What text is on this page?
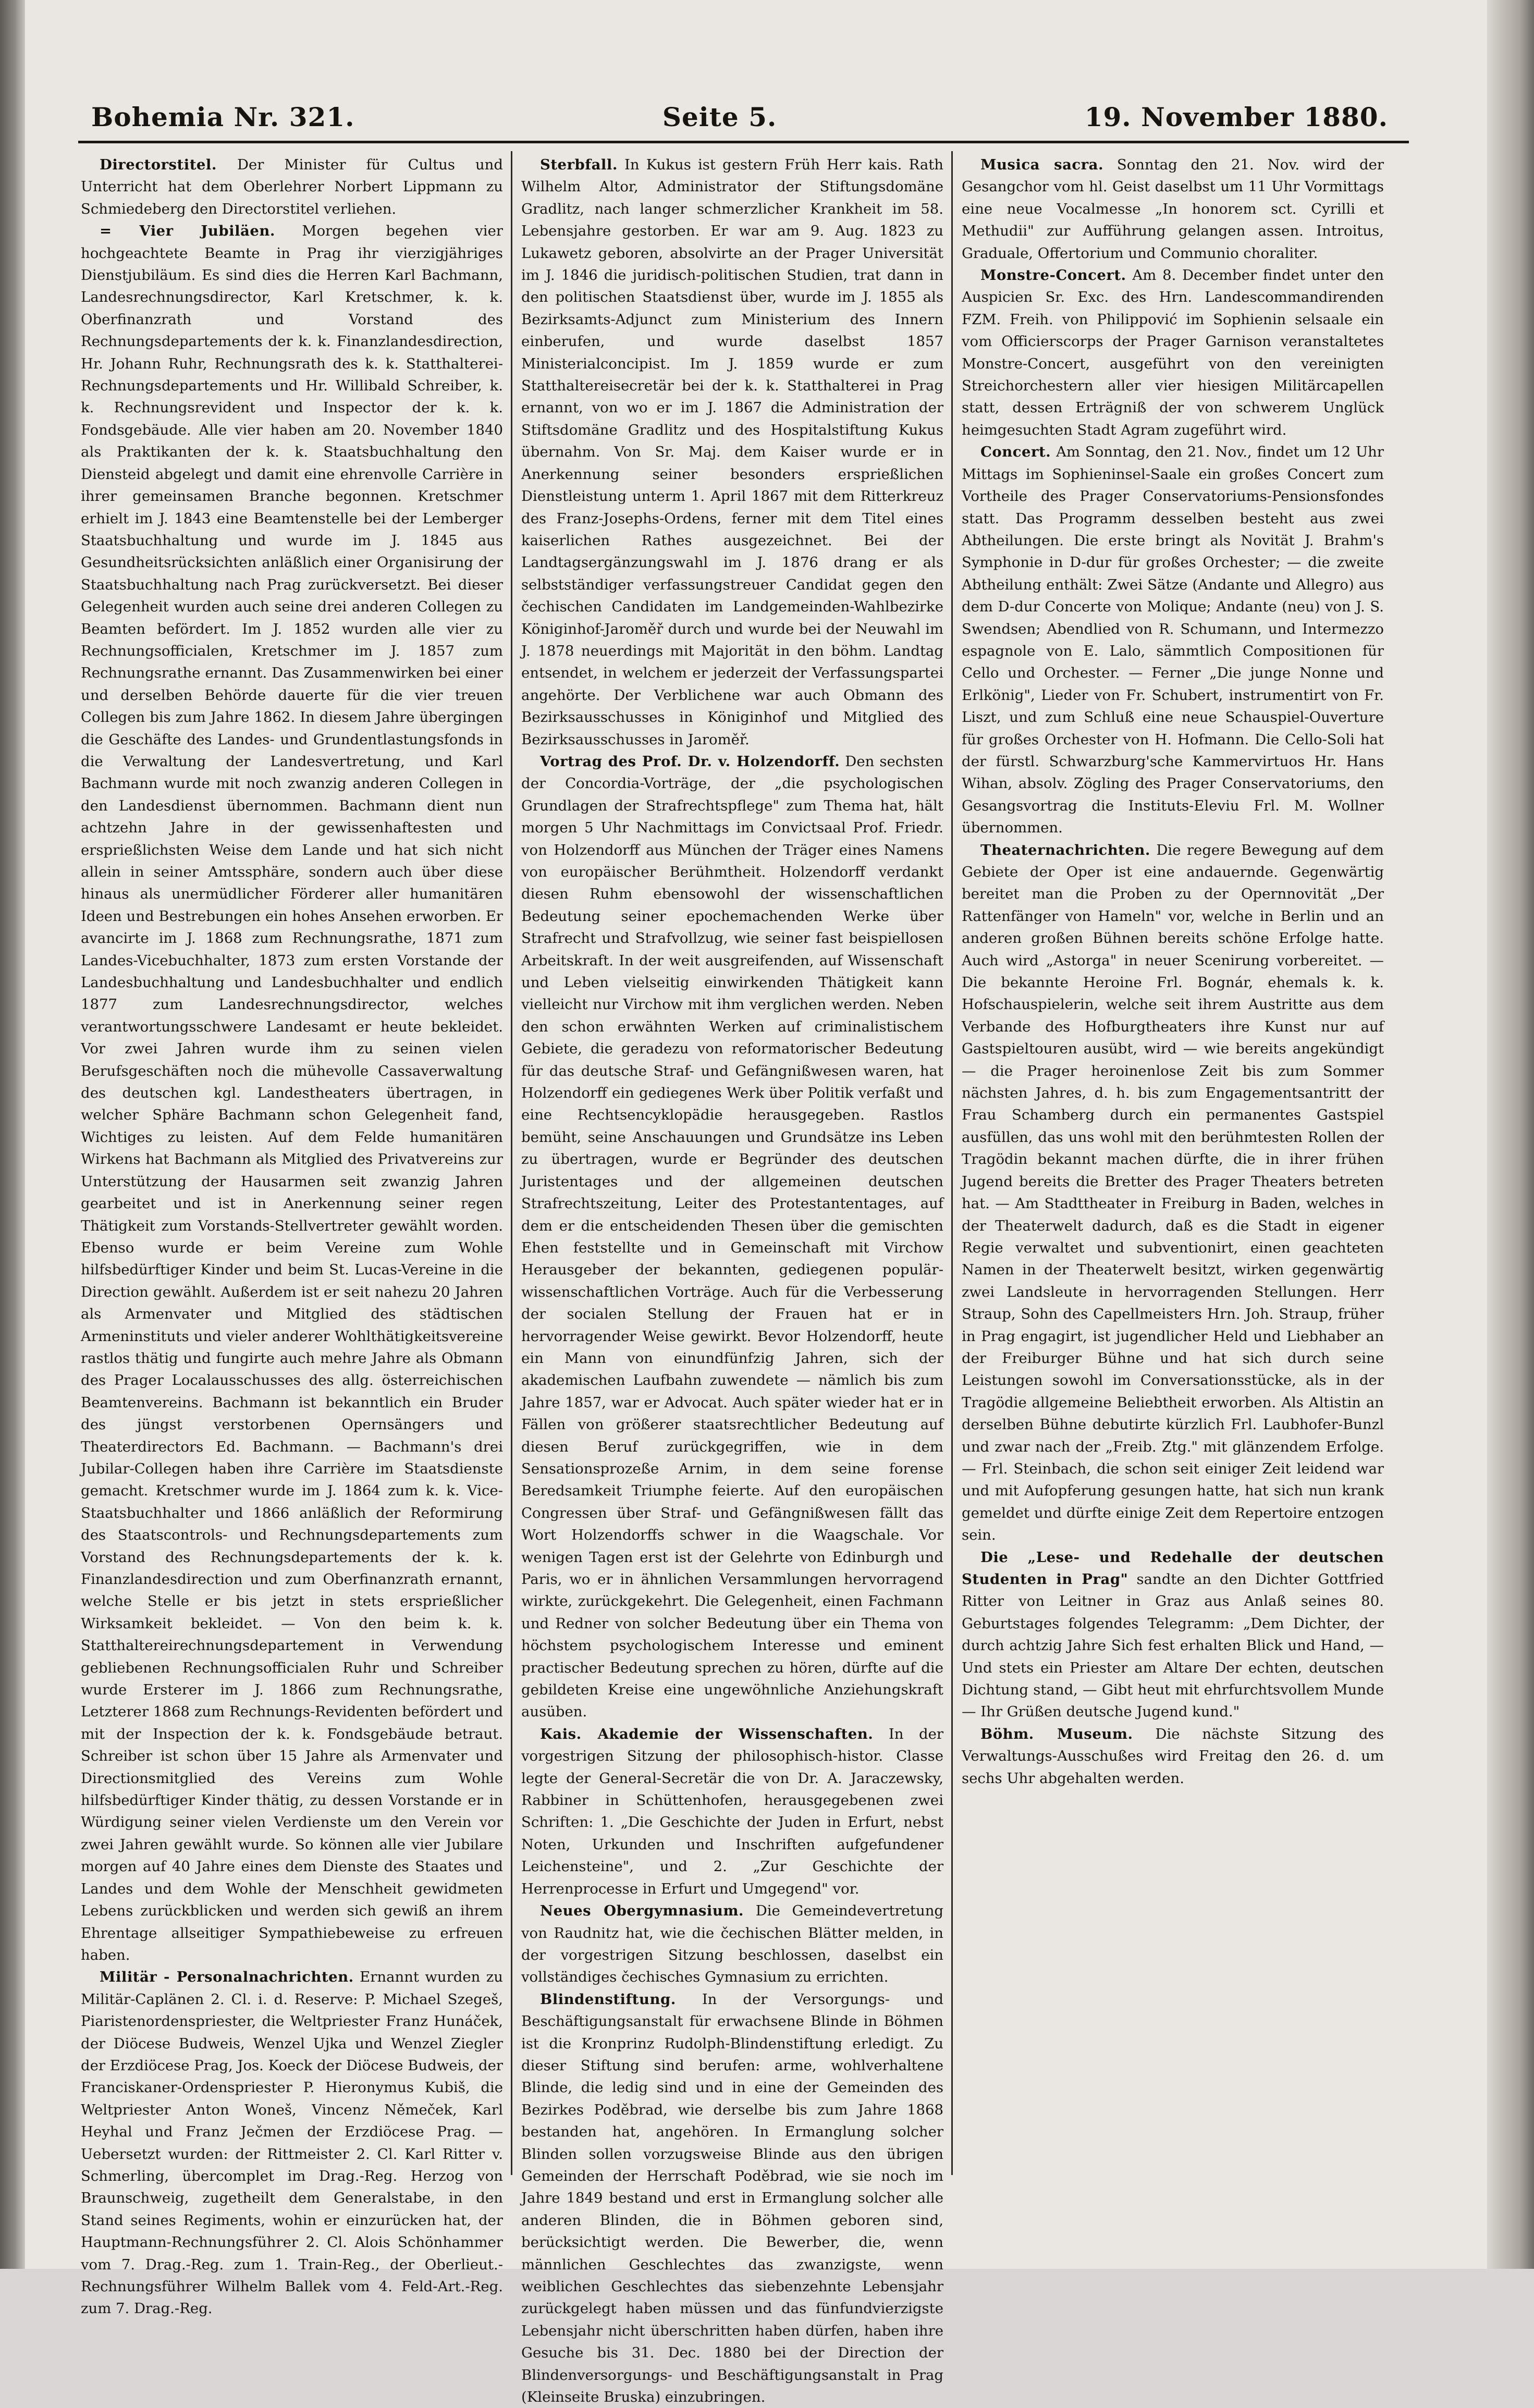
Bohemia Nr. 321.	Seite 5.	19. November 1880.

Directorstitel. Der Minister für Cultus und Unterricht hat dem Oberlehrer Norbert Lippmann zu Schmiedeberg den Directorstitel verliehen.

= Vier Jubiläen. Morgen begehen vier hochgeachtete Beamte in Prag ihr vierzigjähriges Dienstjubiläum. Es sind dies die Herren Karl Bachmann, Landesrechnungsdirector, Karl Kretschmer, k. k. Oberfinanzrath und Vorstand des Rechnungsdepartements der k. k. Finanzlandesdirection, Hr. Johann Ruhr, Rechnungsrath des k. k. Statthalterei-Rechnungsdepartements und Hr. Willibald Schreiber, k. k. Rechnungsrevident und Inspector der k. k. Fondsgebäude. Alle vier haben am 20. November 1840 als Praktikanten der k. k. Staatsbuchhaltung den Diensteid abgelegt und damit eine ehrenvolle Carrière in ihrer gemeinsamen Branche begonnen. Kretschmer erhielt im J. 1843 eine Beamtenstelle bei der Lemberger Staatsbuchhaltung und wurde im J. 1845 aus Gesundheitsrücksichten anläßlich einer Organisirung der Staatsbuchhaltung nach Prag zurückversetzt. Bei dieser Gelegenheit wurden auch seine drei anderen Collegen zu Beamten befördert. Im J. 1852 wurden alle vier zu Rechnungsofficialen, Kretschmer im J. 1857 zum Rechnungsrathe ernannt. Das Zusammenwirken bei einer und derselben Behörde dauerte für die vier treuen Collegen bis zum Jahre 1862. In diesem Jahre übergingen die Geschäfte des Landes- und Grundentlastungsfonds in die Verwaltung der Landesvertretung, und Karl Bachmann wurde mit noch zwanzig anderen Collegen in den Landesdienst übernommen. Bachmann dient nun achtzehn Jahre in der gewissenhaftesten und ersprießlichsten Weise dem Lande und hat sich nicht allein in seiner Amtssphäre, sondern auch über diese hinaus als unermüdlicher Förderer aller humanitären Ideen und Bestrebungen ein hohes Ansehen erworben. Er avancirte im J. 1868 zum Rechnungsrathe, 1871 zum Landes-Vicebuchhalter, 1873 zum ersten Vorstande der Landesbuchhaltung und Landesbuchhalter und endlich 1877 zum Landesrechnungsdirector, welches verantwortungsschwere Landesamt er heute bekleidet. Vor zwei Jahren wurde ihm zu seinen vielen Berufsgeschäften noch die mühevolle Cassaverwaltung des deutschen kgl. Landestheaters übertragen, in welcher Sphäre Bachmann schon Gelegenheit fand, Wichtiges zu leisten. Auf dem Felde humanitären Wirkens hat Bachmann als Mitglied des Privatvereins zur Unterstützung der Hausarmen seit zwanzig Jahren gearbeitet und ist in Anerkennung seiner regen Thätigkeit zum Vorstands-Stellvertreter gewählt worden. Ebenso wurde er beim Vereine zum Wohle hilfsbedürftiger Kinder und beim St. Lucas-Vereine in die Direction gewählt. Außerdem ist er seit nahezu 20 Jahren als Armenvater und Mitglied des städtischen Armeninstituts und vieler anderer Wohlthätigkeitsvereine rastlos thätig und fungirte auch mehre Jahre als Obmann des Prager Localausschusses des allg. österreichischen Beamtenvereins. Bachmann ist bekanntlich ein Bruder des jüngst verstorbenen Opernsängers und Theaterdirectors Ed. Bachmann. — Bachmann's drei Jubilar-Collegen haben ihre Carrière im Staatsdienste gemacht. Kretschmer wurde im J. 1864 zum k. k. Vice-Staatsbuchhalter und 1866 anläßlich der Reformirung des Staatscontrols- und Rechnungsdepartements zum Vorstand des Rechnungsdepartements der k. k. Finanzlandesdirection und zum Oberfinanzrath ernannt, welche Stelle er bis jetzt in stets ersprießlicher Wirksamkeit bekleidet. — Von den beim k. k. Statthaltereirechnungsdepartement in Verwendung gebliebenen Rechnungsofficialen Ruhr und Schreiber wurde Ersterer im J. 1866 zum Rechnungsrathe, Letzterer 1868 zum Rechnungs-Revidenten befördert und mit der Inspection der k. k. Fondsgebäude betraut. Schreiber ist schon über 15 Jahre als Armenvater und Directionsmitglied des Vereins zum Wohle hilfsbedürftiger Kinder thätig, zu dessen Vorstande er in Würdigung seiner vielen Verdienste um den Verein vor zwei Jahren gewählt wurde. So können alle vier Jubilare morgen auf 40 Jahre eines dem Dienste des Staates und Landes und dem Wohle der Menschheit gewidmeten Lebens zurückblicken und werden sich gewiß an ihrem Ehrentage allseitiger Sympathiebeweise zu erfreuen haben.

Militär - Personalnachrichten. Ernannt wurden zu Militär-Caplänen 2. Cl. i. d. Reserve: P. Michael Szegeš, Piaristenordenspriester, die Weltpriester Franz Hunáček, der Diöcese Budweis, Wenzel Ujka und Wenzel Ziegler der Erzdiöcese Prag, Jos. Koeck der Diöcese Budweis, der Franciskaner-Ordenspriester P. Hieronymus Kubiš, die Weltpriester Anton Woneš, Vincenz Němeček, Karl Heyhal und Franz Ječmen der Erzdiöcese Prag. — Uebersetzt wurden: der Rittmeister 2. Cl. Karl Ritter v. Schmerling, übercomplet im Drag.-Reg. Herzog von Braunschweig, zugetheilt dem Generalstabe, in den Stand seines Regiments, wohin er einzurücken hat, der Hauptmann-Rechnungsführer 2. Cl. Alois Schönhammer vom 7. Drag.-Reg. zum 1. Train-Reg., der Oberlieut.-Rechnungsführer Wilhelm Ballek vom 4. Feld-Art.-Reg. zum 7. Drag.-Reg.

Sterbfall. In Kukus ist gestern Früh Herr kais. Rath Wilhelm Altor, Administrator der Stiftungsdomäne Gradlitz, nach langer schmerzlicher Krankheit im 58. Lebensjahre gestorben. Er war am 9. Aug. 1823 zu Lukawetz geboren, absolvirte an der Prager Universität im J. 1846 die juridisch-politischen Studien, trat dann in den politischen Staatsdienst über, wurde im J. 1855 als Bezirksamts-Adjunct zum Ministerium des Innern einberufen, und wurde daselbst 1857 Ministerialconcipist. Im J. 1859 wurde er zum Statthaltereisecretär bei der k. k. Statthalterei in Prag ernannt, von wo er im J. 1867 die Administration der Stiftsdomäne Gradlitz und des Hospitalstiftung Kukus übernahm. Von Sr. Maj. dem Kaiser wurde er in Anerkennung seiner besonders ersprießlichen Dienstleistung unterm 1. April 1867 mit dem Ritterkreuz des Franz-Josephs-Ordens, ferner mit dem Titel eines kaiserlichen Rathes ausgezeichnet. Bei der Landtagsergänzungswahl im J. 1876 drang er als selbstständiger verfassungstreuer Candidat gegen den čechischen Candidaten im Landgemeinden-Wahlbezirke Königinhof-Jaroměř durch und wurde bei der Neuwahl im J. 1878 neuerdings mit Majorität in den böhm. Landtag entsendet, in welchem er jederzeit der Verfassungspartei angehörte. Der Verblichene war auch Obmann des Bezirksausschusses in Königinhof und Mitglied des Bezirksausschusses in Jaroměř.

Vortrag des Prof. Dr. v. Holzendorff. Den sechsten der Concordia-Vorträge, der „die psychologischen Grundlagen der Strafrechtspflege" zum Thema hat, hält morgen 5 Uhr Nachmittags im Convictsaal Prof. Friedr. von Holzendorff aus München der Träger eines Namens von europäischer Berühmtheit. Holzendorff verdankt diesen Ruhm ebensowohl der wissenschaftlichen Bedeutung seiner epochemachenden Werke über Strafrecht und Strafvollzug, wie seiner fast beispiellosen Arbeitskraft. In der weit ausgreifenden, auf Wissenschaft und Leben vielseitig einwirkenden Thätigkeit kann vielleicht nur Virchow mit ihm verglichen werden. Neben den schon erwähnten Werken auf criminalistischem Gebiete, die geradezu von reformatorischer Bedeutung für das deutsche Straf- und Gefängnißwesen waren, hat Holzendorff ein gediegenes Werk über Politik verfaßt und eine Rechtsencyklopädie herausgegeben. Rastlos bemüht, seine Anschauungen und Grundsätze ins Leben zu übertragen, wurde er Begründer des deutschen Juristentages und der allgemeinen deutschen Strafrechtszeitung, Leiter des Protestantentages, auf dem er die entscheidenden Thesen über die gemischten Ehen feststellte und in Gemeinschaft mit Virchow Herausgeber der bekannten, gediegenen populär-wissenschaftlichen Vorträge. Auch für die Verbesserung der socialen Stellung der Frauen hat er in hervorragender Weise gewirkt. Bevor Holzendorff, heute ein Mann von einundfünfzig Jahren, sich der akademischen Laufbahn zuwendete — nämlich bis zum Jahre 1857, war er Advocat. Auch später wieder hat er in Fällen von größerer staatsrechtlicher Bedeutung auf diesen Beruf zurückgegriffen, wie in dem Sensationsprozeße Arnim, in dem seine forense Beredsamkeit Triumphe feierte. Auf den europäischen Congressen über Straf- und Gefängnißwesen fällt das Wort Holzendorffs schwer in die Waagschale. Vor wenigen Tagen erst ist der Gelehrte von Edinburgh und Paris, wo er in ähnlichen Versammlungen hervorragend wirkte, zurückgekehrt. Die Gelegenheit, einen Fachmann und Redner von solcher Bedeutung über ein Thema von höchstem psychologischem Interesse und eminent practischer Bedeutung sprechen zu hören, dürfte auf die gebildeten Kreise eine ungewöhnliche Anziehungskraft ausüben.

Kais. Akademie der Wissenschaften. In der vorgestrigen Sitzung der philosophisch-histor. Classe legte der General-Secretär die von Dr. A. Jaraczewsky, Rabbiner in Schüttenhofen, herausgegebenen zwei Schriften: 1. „Die Geschichte der Juden in Erfurt, nebst Noten, Urkunden und Inschriften aufgefundener Leichensteine", und 2. „Zur Geschichte der Herrenprocesse in Erfurt und Umgegend" vor.

Neues Obergymnasium. Die Gemeindevertretung von Raudnitz hat, wie die čechischen Blätter melden, in der vorgestrigen Sitzung beschlossen, daselbst ein vollständiges čechisches Gymnasium zu errichten.

Blindenstiftung. In der Versorgungs- und Beschäftigungsanstalt für erwachsene Blinde in Böhmen ist die Kronprinz Rudolph-Blindenstiftung erledigt. Zu dieser Stiftung sind berufen: arme, wohlverhaltene Blinde, die ledig sind und in eine der Gemeinden des Bezirkes Poděbrad, wie derselbe bis zum Jahre 1868 bestanden hat, angehören. In Ermanglung solcher Blinden sollen vorzugsweise Blinde aus den übrigen Gemeinden der Herrschaft Poděbrad, wie sie noch im Jahre 1849 bestand und erst in Ermanglung solcher alle anderen Blinden, die in Böhmen geboren sind, berücksichtigt werden. Die Bewerber, die, wenn männlichen Geschlechtes das zwanzigste, wenn weiblichen Geschlechtes das siebenzehnte Lebensjahr zurückgelegt haben müssen und das fünfundvierzigste Lebensjahr nicht überschritten haben dürfen, haben ihre Gesuche bis 31. Dec. 1880 bei der Direction der Blindenversorgungs- und Beschäftigungsanstalt in Prag (Kleinseite Bruska) einzubringen.

Musica sacra. Sonntag den 21. Nov. wird der Gesangchor vom hl. Geist daselbst um 11 Uhr Vormittags eine neue Vocalmesse „In honorem sct. Cyrilli et Methudii" zur Aufführung gelangen assen. Introitus, Graduale, Offertorium und Communio choraliter.

Monstre-Concert. Am 8. December findet unter den Auspicien Sr. Exc. des Hrn. Landescommandirenden FZM. Freih. von Philippović im Sophienin selsaale ein vom Officierscorps der Prager Garnison veranstaltetes Monstre-Concert, ausgeführt von den vereinigten Streichorchestern aller vier hiesigen Militärcapellen statt, dessen Erträgniß der von schwerem Unglück heimgesuchten Stadt Agram zugeführt wird.

Concert. Am Sonntag, den 21. Nov., findet um 12 Uhr Mittags im Sophieninsel-Saale ein großes Concert zum Vortheile des Prager Conservatoriums-Pensionsfondes statt. Das Programm desselben besteht aus zwei Abtheilungen. Die erste bringt als Novität J. Brahm's Symphonie in D-dur für großes Orchester; — die zweite Abtheilung enthält: Zwei Sätze (Andante und Allegro) aus dem D-dur Concerte von Molique; Andante (neu) von J. S. Swendsen; Abendlied von R. Schumann, und Intermezzo espagnole von E. Lalo, sämmtlich Compositionen für Cello und Orchester. — Ferner „Die junge Nonne und Erlkönig", Lieder von Fr. Schubert, instrumentirt von Fr. Liszt, und zum Schluß eine neue Schauspiel-Ouverture für großes Orchester von H. Hofmann. Die Cello-Soli hat der fürstl. Schwarzburg'sche Kammervirtuos Hr. Hans Wihan, absolv. Zögling des Prager Conservatoriums, den Gesangsvortrag die Instituts-Eleviu Frl. M. Wollner übernommen.

Theaternachrichten. Die regere Bewegung auf dem Gebiete der Oper ist eine andauernde. Gegenwärtig bereitet man die Proben zu der Opernnovität „Der Rattenfänger von Hameln" vor, welche in Berlin und an anderen großen Bühnen bereits schöne Erfolge hatte. Auch wird „Astorga" in neuer Scenirung vorbereitet. — Die bekannte Heroine Frl. Bognár, ehemals k. k. Hofschauspielerin, welche seit ihrem Austritte aus dem Verbande des Hofburgtheaters ihre Kunst nur auf Gastspieltouren ausübt, wird — wie bereits angekündigt — die Prager heroinenlose Zeit bis zum Sommer nächsten Jahres, d. h. bis zum Engagementsantritt der Frau Schamberg durch ein permanentes Gastspiel ausfüllen, das uns wohl mit den berühmtesten Rollen der Tragödin bekannt machen dürfte, die in ihrer frühen Jugend bereits die Bretter des Prager Theaters betreten hat. — Am Stadttheater in Freiburg in Baden, welches in der Theaterwelt dadurch, daß es die Stadt in eigener Regie verwaltet und subventionirt, einen geachteten Namen in der Theaterwelt besitzt, wirken gegenwärtig zwei Landsleute in hervorragenden Stellungen. Herr Straup, Sohn des Capellmeisters Hrn. Joh. Straup, früher in Prag engagirt, ist jugendlicher Held und Liebhaber an der Freiburger Bühne und hat sich durch seine Leistungen sowohl im Conversationsstücke, als in der Tragödie allgemeine Beliebtheit erworben. Als Altistin an derselben Bühne debutirte kürzlich Frl. Laubhofer-Bunzl und zwar nach der „Freib. Ztg." mit glänzendem Erfolge. — Frl. Steinbach, die schon seit einiger Zeit leidend war und mit Aufopferung gesungen hatte, hat sich nun krank gemeldet und dürfte einige Zeit dem Repertoire entzogen sein.

Die „Lese- und Redehalle der deutschen Studenten in Prag" sandte an den Dichter Gottfried Ritter von Leitner in Graz aus Anlaß seines 80. Geburtstages folgendes Telegramm: „Dem Dichter, der durch achtzig Jahre Sich fest erhalten Blick und Hand, — Und stets ein Priester am Altare Der echten, deutschen Dichtung stand, — Gibt heut mit ehrfurchtsvollem Munde — Ihr Grüßen deutsche Jugend kund."

Böhm. Museum. Die nächste Sitzung des Verwaltungs-Ausschußes wird Freitag den 26. d. um sechs Uhr abgehalten werden.
